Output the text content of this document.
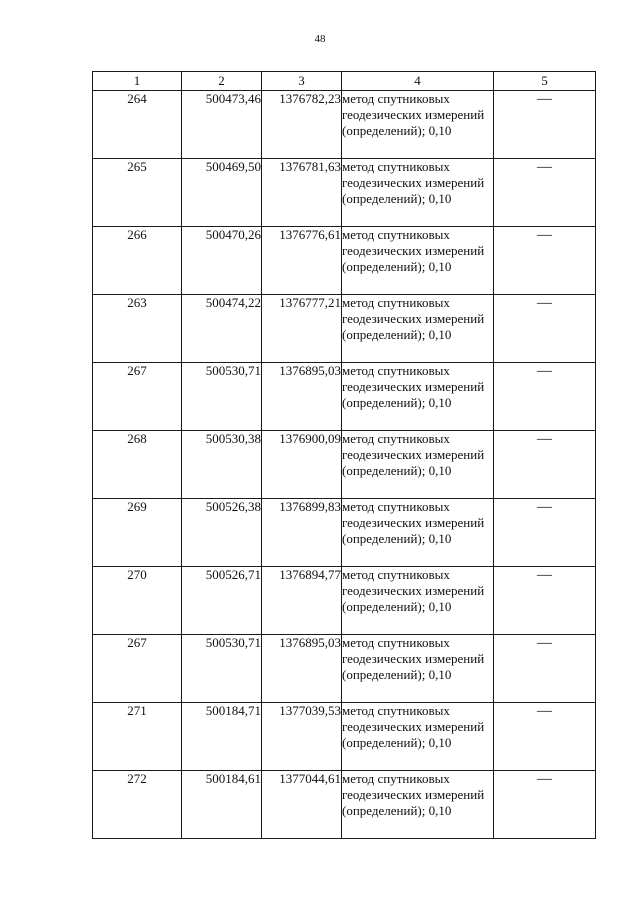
48
1	2	3	4	5
264	500473,46	1376782,23	метод спутниковых геодезических измерений (определений); 0,10	—
265	500469,50	1376781,63	метод спутниковых геодезических измерений (определений); 0,10	—
266	500470,26	1376776,61	метод спутниковых геодезических измерений (определений); 0,10	—
263	500474,22	1376777,21	метод спутниковых геодезических измерений (определений); 0,10	—
267	500530,71	1376895,03	метод спутниковых геодезических измерений (определений); 0,10	—
268	500530,38	1376900,09	метод спутниковых геодезических измерений (определений); 0,10	—
269	500526,38	1376899,83	метод спутниковых геодезических измерений (определений); 0,10	—
270	500526,71	1376894,77	метод спутниковых геодезических измерений (определений); 0,10	—
267	500530,71	1376895,03	метод спутниковых геодезических измерений (определений); 0,10	—
271	500184,71	1377039,53	метод спутниковых геодезических измерений (определений); 0,10	—
272	500184,61	1377044,61	метод спутниковых геодезических измерений (определений); 0,10	—
